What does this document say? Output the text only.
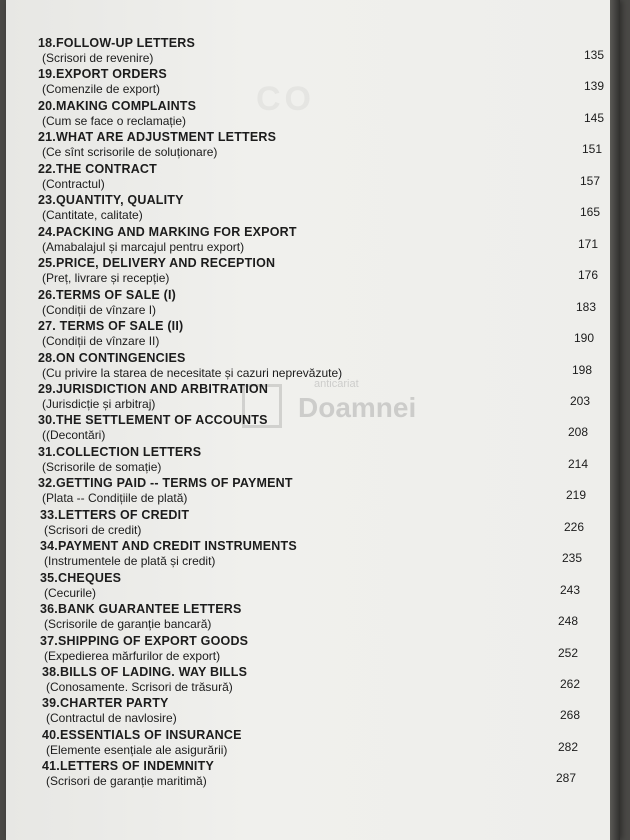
CO
anticariat
Doamnei
18.FOLLOW-UP LETTERS
(Scrisori de revenire)	135
19.EXPORT ORDERS
(Comenzile de export)	139
20.MAKING COMPLAINTS
(Cum se face o reclamație)	145
21.WHAT ARE ADJUSTMENT LETTERS
(Ce sînt scrisorile de soluționare)	151
22.THE CONTRACT
(Contractul)	157
23.QUANTITY, QUALITY
(Cantitate, calitate)	165
24.PACKING AND MARKING FOR EXPORT
(Amabalajul și marcajul pentru export)	171
25.PRICE, DELIVERY AND RECEPTION
(Preț, livrare și recepție)	176
26.TERMS OF SALE (I)
(Condiții de vînzare I)	183
27. TERMS OF SALE (II)
(Condiții de vînzare II)	190
28.ON CONTINGENCIES
(Cu privire la starea de necesitate și cazuri neprevăzute)	198
29.JURISDICTION AND ARBITRATION
(Jurisdicție și arbitraj)	203
30.THE SETTLEMENT OF ACCOUNTS
((Decontări)	208
31.COLLECTION LETTERS
(Scrisorile de somație)	214
32.GETTING PAID -- TERMS OF PAYMENT
(Plata -- Condițiile de plată)	219
33.LETTERS OF CREDIT
(Scrisori de credit)	226
34.PAYMENT AND CREDIT INSTRUMENTS
(Instrumentele de plată și credit)	235
35.CHEQUES
(Cecurile)	243
36.BANK GUARANTEE LETTERS
(Scrisorile de garanție bancară)	248
37.SHIPPING OF EXPORT GOODS
(Expedierea mărfurilor de export)	252
38.BILLS OF LADING. WAY BILLS
(Conosamente. Scrisori de trăsură)	262
39.CHARTER PARTY
(Contractul de navlosire)	268
40.ESSENTIALS OF INSURANCE
(Elemente esențiale ale asigurării)	282
41.LETTERS OF INDEMNITY
(Scrisori de garanție maritimă)	287
